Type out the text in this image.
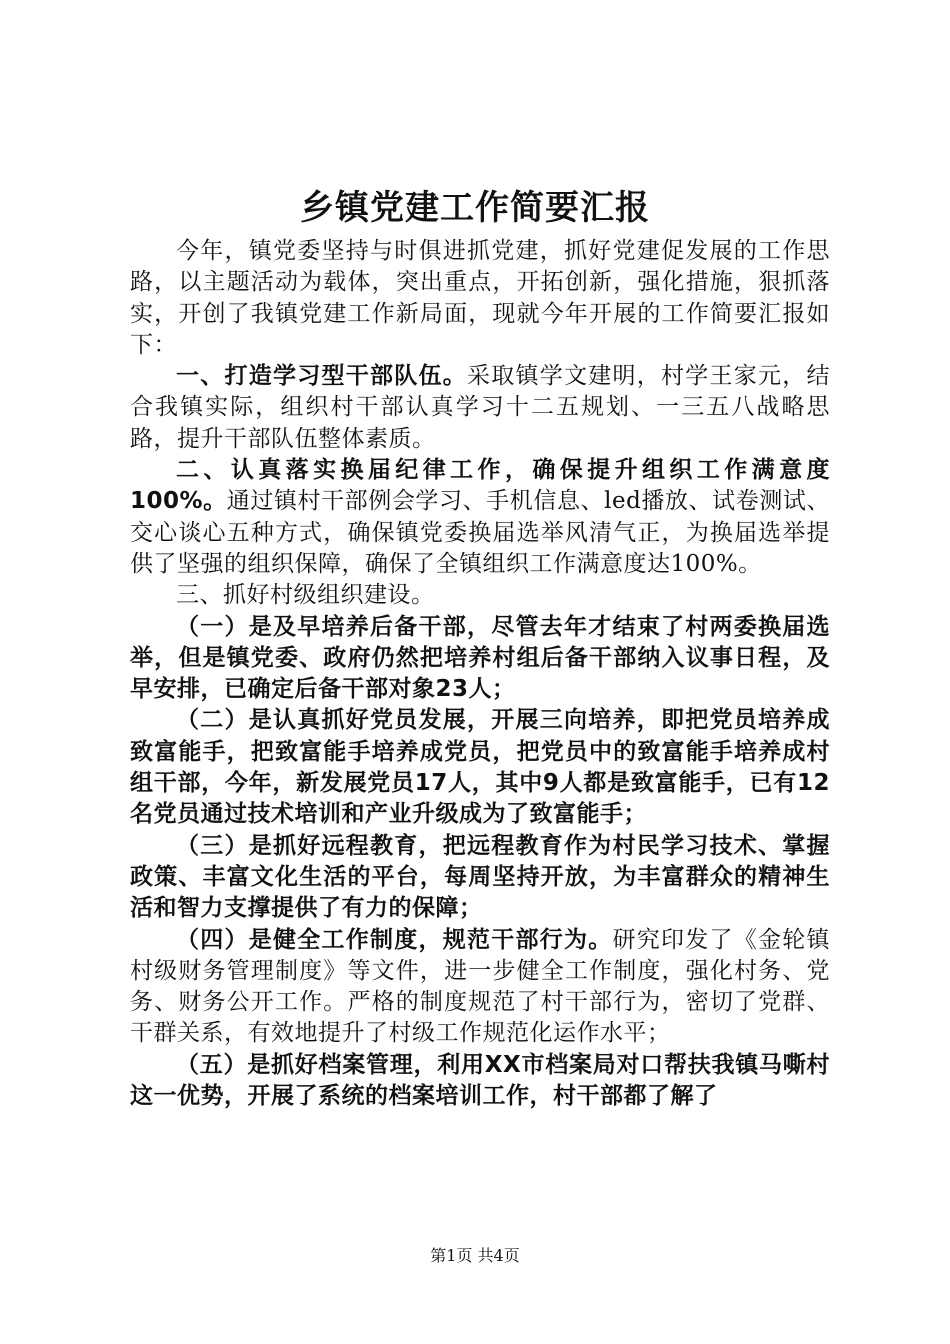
乡镇党建工作简要汇报

今年，镇党委坚持与时俱进抓党建，抓好党建促发展的工作思路，以主题活动为载体，突出重点，开拓创新，强化措施，狠抓落实，开创了我镇党建工作新局面，现就今年开展的工作简要汇报如下：

一、打造学习型干部队伍。采取镇学文建明，村学王家元，结合我镇实际，组织村干部认真学习十二五规划、一三五八战略思路，提升干部队伍整体素质。

二、认真落实换届纪律工作，确保提升组织工作满意度100%。通过镇村干部例会学习、手机信息、led播放、试卷测试、交心谈心五种方式，确保镇党委换届选举风清气正，为换届选举提供了坚强的组织保障，确保了全镇组织工作满意度达100%。

三、抓好村级组织建设。

（一）是及早培养后备干部，尽管去年才结束了村两委换届选举，但是镇党委、政府仍然把培养村组后备干部纳入议事日程，及早安排，已确定后备干部对象23人；

（二）是认真抓好党员发展，开展三向培养，即把党员培养成致富能手，把致富能手培养成党员，把党员中的致富能手培养成村组干部，今年，新发展党员17人，其中9人都是致富能手，已有12名党员通过技术培训和产业升级成为了致富能手；

（三）是抓好远程教育，把远程教育作为村民学习技术、掌握政策、丰富文化生活的平台，每周坚持开放，为丰富群众的精神生活和智力支撑提供了有力的保障；

（四）是健全工作制度，规范干部行为。研究印发了《金轮镇村级财务管理制度》等文件，进一步健全工作制度，强化村务、党务、财务公开工作。严格的制度规范了村干部行为，密切了党群、干群关系，有效地提升了村级工作规范化运作水平；

（五）是抓好档案管理，利用XX市档案局对口帮扶我镇马嘶村这一优势，开展了系统的档案培训工作，村干部都了解了

第1页 共4页
